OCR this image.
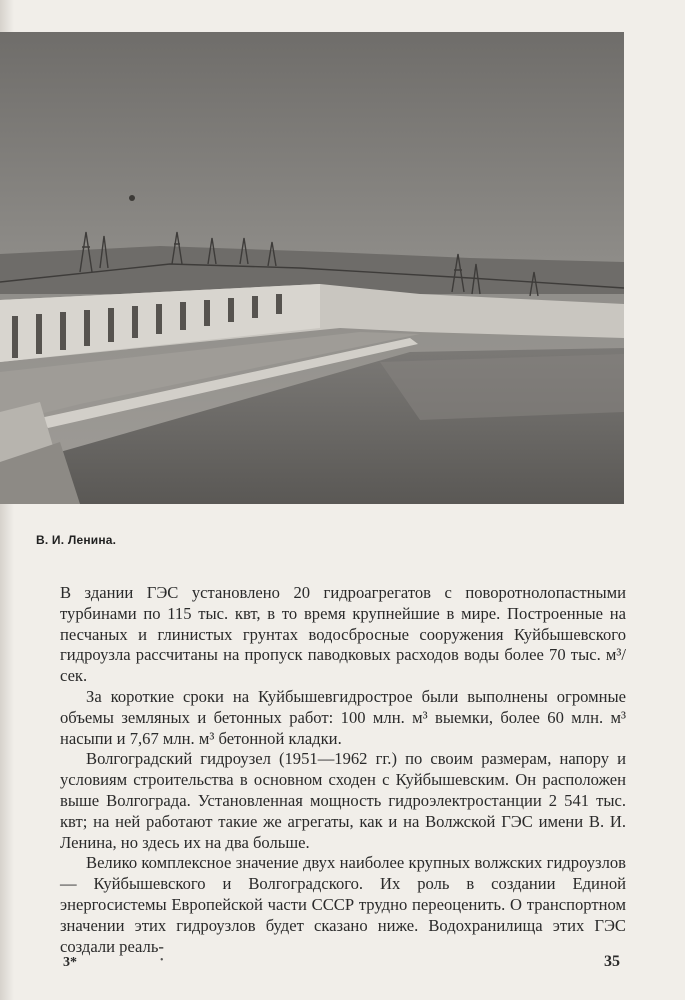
В. И. Ленина.

В здании ГЭС установлено 20 гидроагрегатов с поворотнолопастными турбинами по 115 тыс. квт, в то время крупнейшие в мире. Построенные на песчаных и глинистых грунтах водосбросные сооружения Куйбышевского гидроузла рассчитаны на пропуск паводковых расходов воды более 70 тыс. м³/сек.

За короткие сроки на Куйбышевгидрострое были выполнены огромные объемы земляных и бетонных работ: 100 млн. м³ выемки, более 60 млн. м³ насыпи и 7,67 млн. м³ бетонной кладки.

Волгоградский гидроузел (1951—1962 гг.) по своим размерам, напору и условиям строительства в основном сходен с Куйбышевским. Он расположен выше Волгограда. Установленная мощность гидроэлектростанции 2 541 тыс. квт; на ней работают такие же агрегаты, как и на Волжской ГЭС имени В. И. Ленина, но здесь их на два больше.

Велико комплексное значение двух наиболее крупных волжских гидроузлов — Куйбышевского и Волгоградского. Их роль в создании Единой энергосистемы Европейской части СССР трудно переоценить. О транспортном значении этих гидроузлов будет сказано ниже. Водохранилища этих ГЭС создали реаль-

3*	•	35
